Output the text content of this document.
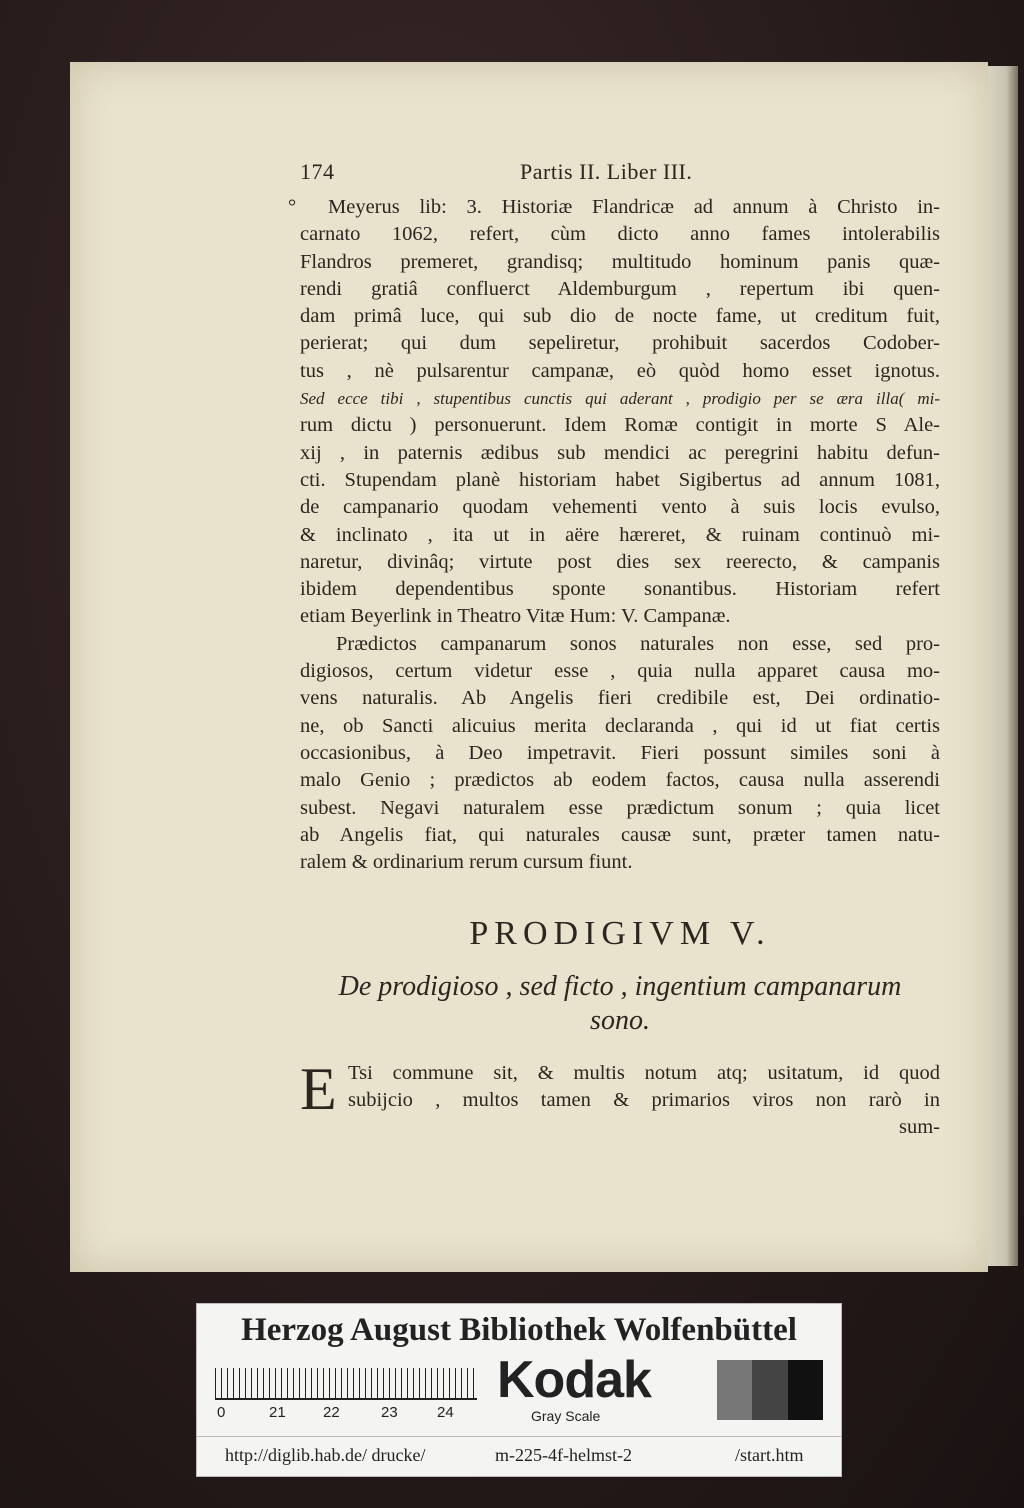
174	Partis II. Liber III.
°	Meyerus lib: 3. Historiæ Flandricæ ad annum à Christo in-
carnato 1062, refert, cùm dicto anno fames intolerabilis
Flandros premeret, grandisq; multitudo hominum panis quæ-
rendi gratiâ confluerct Aldemburgum , repertum ibi quen-
dam primâ luce, qui sub dio de nocte fame, ut creditum fuit,
perierat; qui dum sepeliretur, prohibuit sacerdos Codober-
tus , nè pulsarentur campanæ, eò quòd homo esset ignotus.
Sed ecce tibi , stupentibus cunctis qui aderant , prodigio per se æra illa( mi-
rum dictu ) personuerunt. Idem Romæ contigit in morte S Ale-
xij , in paternis ædibus sub mendici ac peregrini habitu defun-
cti. Stupendam planè historiam habet Sigibertus ad annum 1081,
de campanario quodam vehementi vento à suis locis evulso,
& inclinato , ita ut in aëre hæreret, & ruinam continuò mi-
naretur, divinâq; virtute post dies sex reerecto, & campanis
ibidem dependentibus sponte sonantibus. Historiam refert
etiam Beyerlink in Theatro Vitæ Hum: V. Campanæ.
Prædictos campanarum sonos naturales non esse, sed pro-
digiosos, certum videtur esse , quia nulla apparet causa mo-
vens naturalis. Ab Angelis fieri credibile est, Dei ordinatio-
ne, ob Sancti alicuius merita declaranda , qui id ut fiat certis
occasionibus, à Deo impetravit. Fieri possunt similes soni à
malo Genio ; prædictos ab eodem factos, causa nulla asserendi
subest. Negavi naturalem esse prædictum sonum ; quia licet
ab Angelis fiat, qui naturales causæ sunt, præter tamen natu-
ralem & ordinarium rerum cursum fiunt.
PRODIGIVM V.
De prodigioso , sed ficto , ingentium campanarum
sono.
E Tsi commune sit, & multis notum atq; usitatum, id quod
subijcio , multos tamen & primarios viros non rarò in
sum-
Herzog August Bibliothek Wolfenbüttel
0	21 22	23	24
Kodak
Gray Scale
http://diglib.hab.de/ drucke/	m-225-4f-helmst-2	/start.htm
